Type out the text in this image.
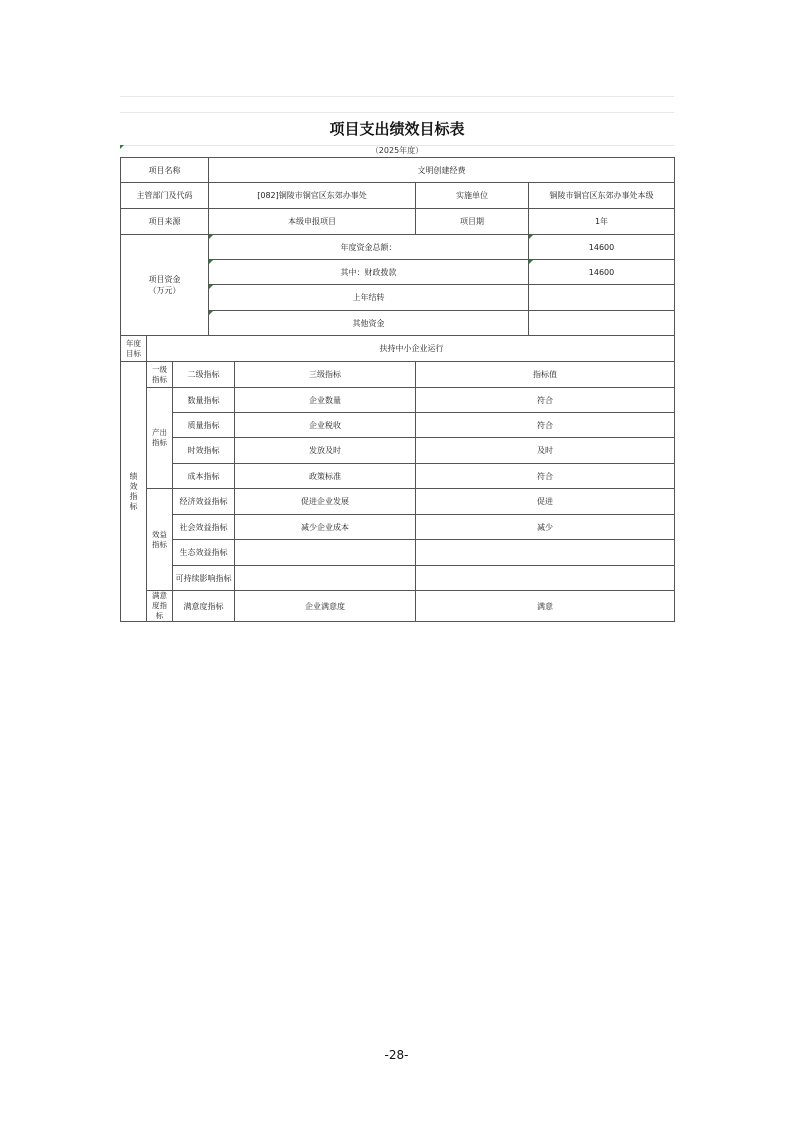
项目支出绩效目标表
（2025年度）
项目名称			文明创建经费			
主管部门及代码			[082]铜陵市铜官区东郊办事处		实施单位	铜陵市铜官区东郊办事处本级
项目来源			本级申报项目		项目期	1年
项目资金
（万元）			年度资金总额：			14600
			其中：财政拨款			14600
			上年结转			
			其他资金			
年度目标	扶持中小企业运行					
绩效指标	一级指标	二级指标		三级指标	指标值	
	产出指标	数量指标		企业数量	符合	
		质量指标		企业税收	符合	
		时效指标		发放及时	及时	
		成本指标		政策标准	符合	
	效益指标	经济效益指标		促进企业发展	促进	
		社会效益指标		减少企业成本	减少	
		生态效益指标				
		可持续影响指标				
	满意度指标	满意度指标		企业满意度	满意	
-28-
